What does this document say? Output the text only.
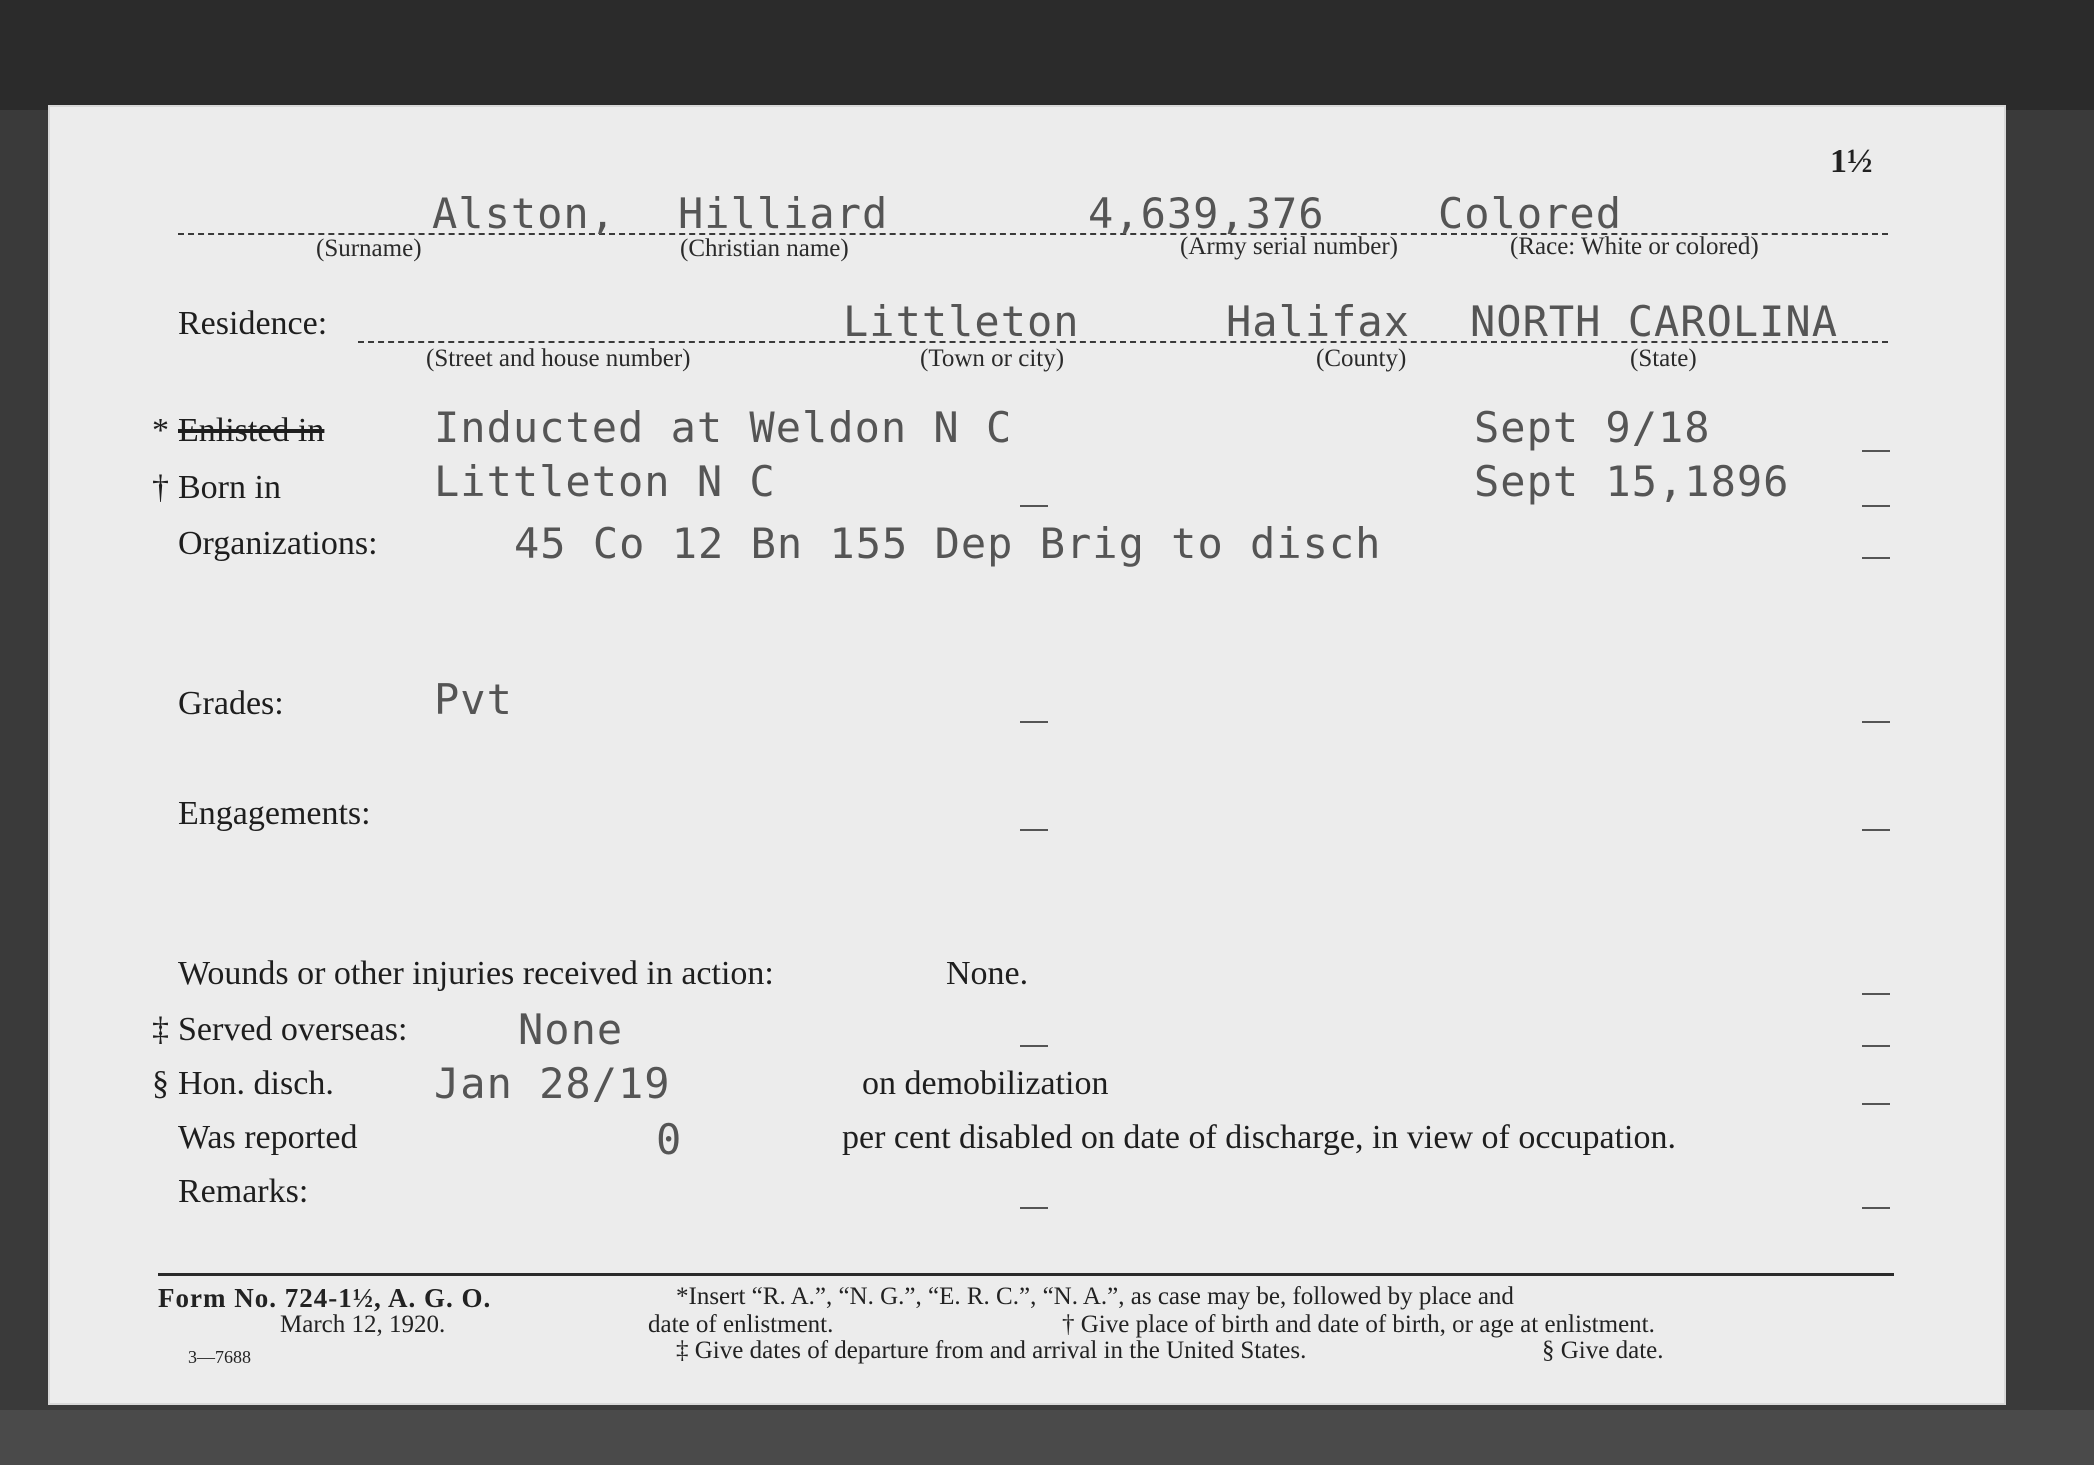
1½
Alston, Hilliard	4,639,376	Colored
(Surname)	(Christian name)	(Army serial number)	(Race: White or colored)
Residence:	Littleton	Halifax NORTH CAROLINA
(Street and house number)	(Town or city)	(County)	(State)
* Enlisted in	Inducted at Weldon N C	Sept 9/18
† Born in	Littleton N C	Sept 15,1896
Organizations:	45 Co 12 Bn 155 Dep Brig to disch
Grades:	Pvt
Engagements:
Wounds or other injuries received in action:	None.
‡ Served overseas:	None
§ Hon. disch. Jan 28/19	on demobilization
Was reported	0	per cent disabled on date of discharge, in view of occupation.
Remarks:
Form No. 724-1½, A. G. O.
March 12, 1920.
3—7688
*Insert “R. A.”, “N. G.”, “E. R. C.”, “N. A.”, as case may be, followed by place and
date of enlistment.	† Give place of birth and date of birth, or age at enlistment.
‡ Give dates of departure from and arrival in the United States.	§ Give date.
